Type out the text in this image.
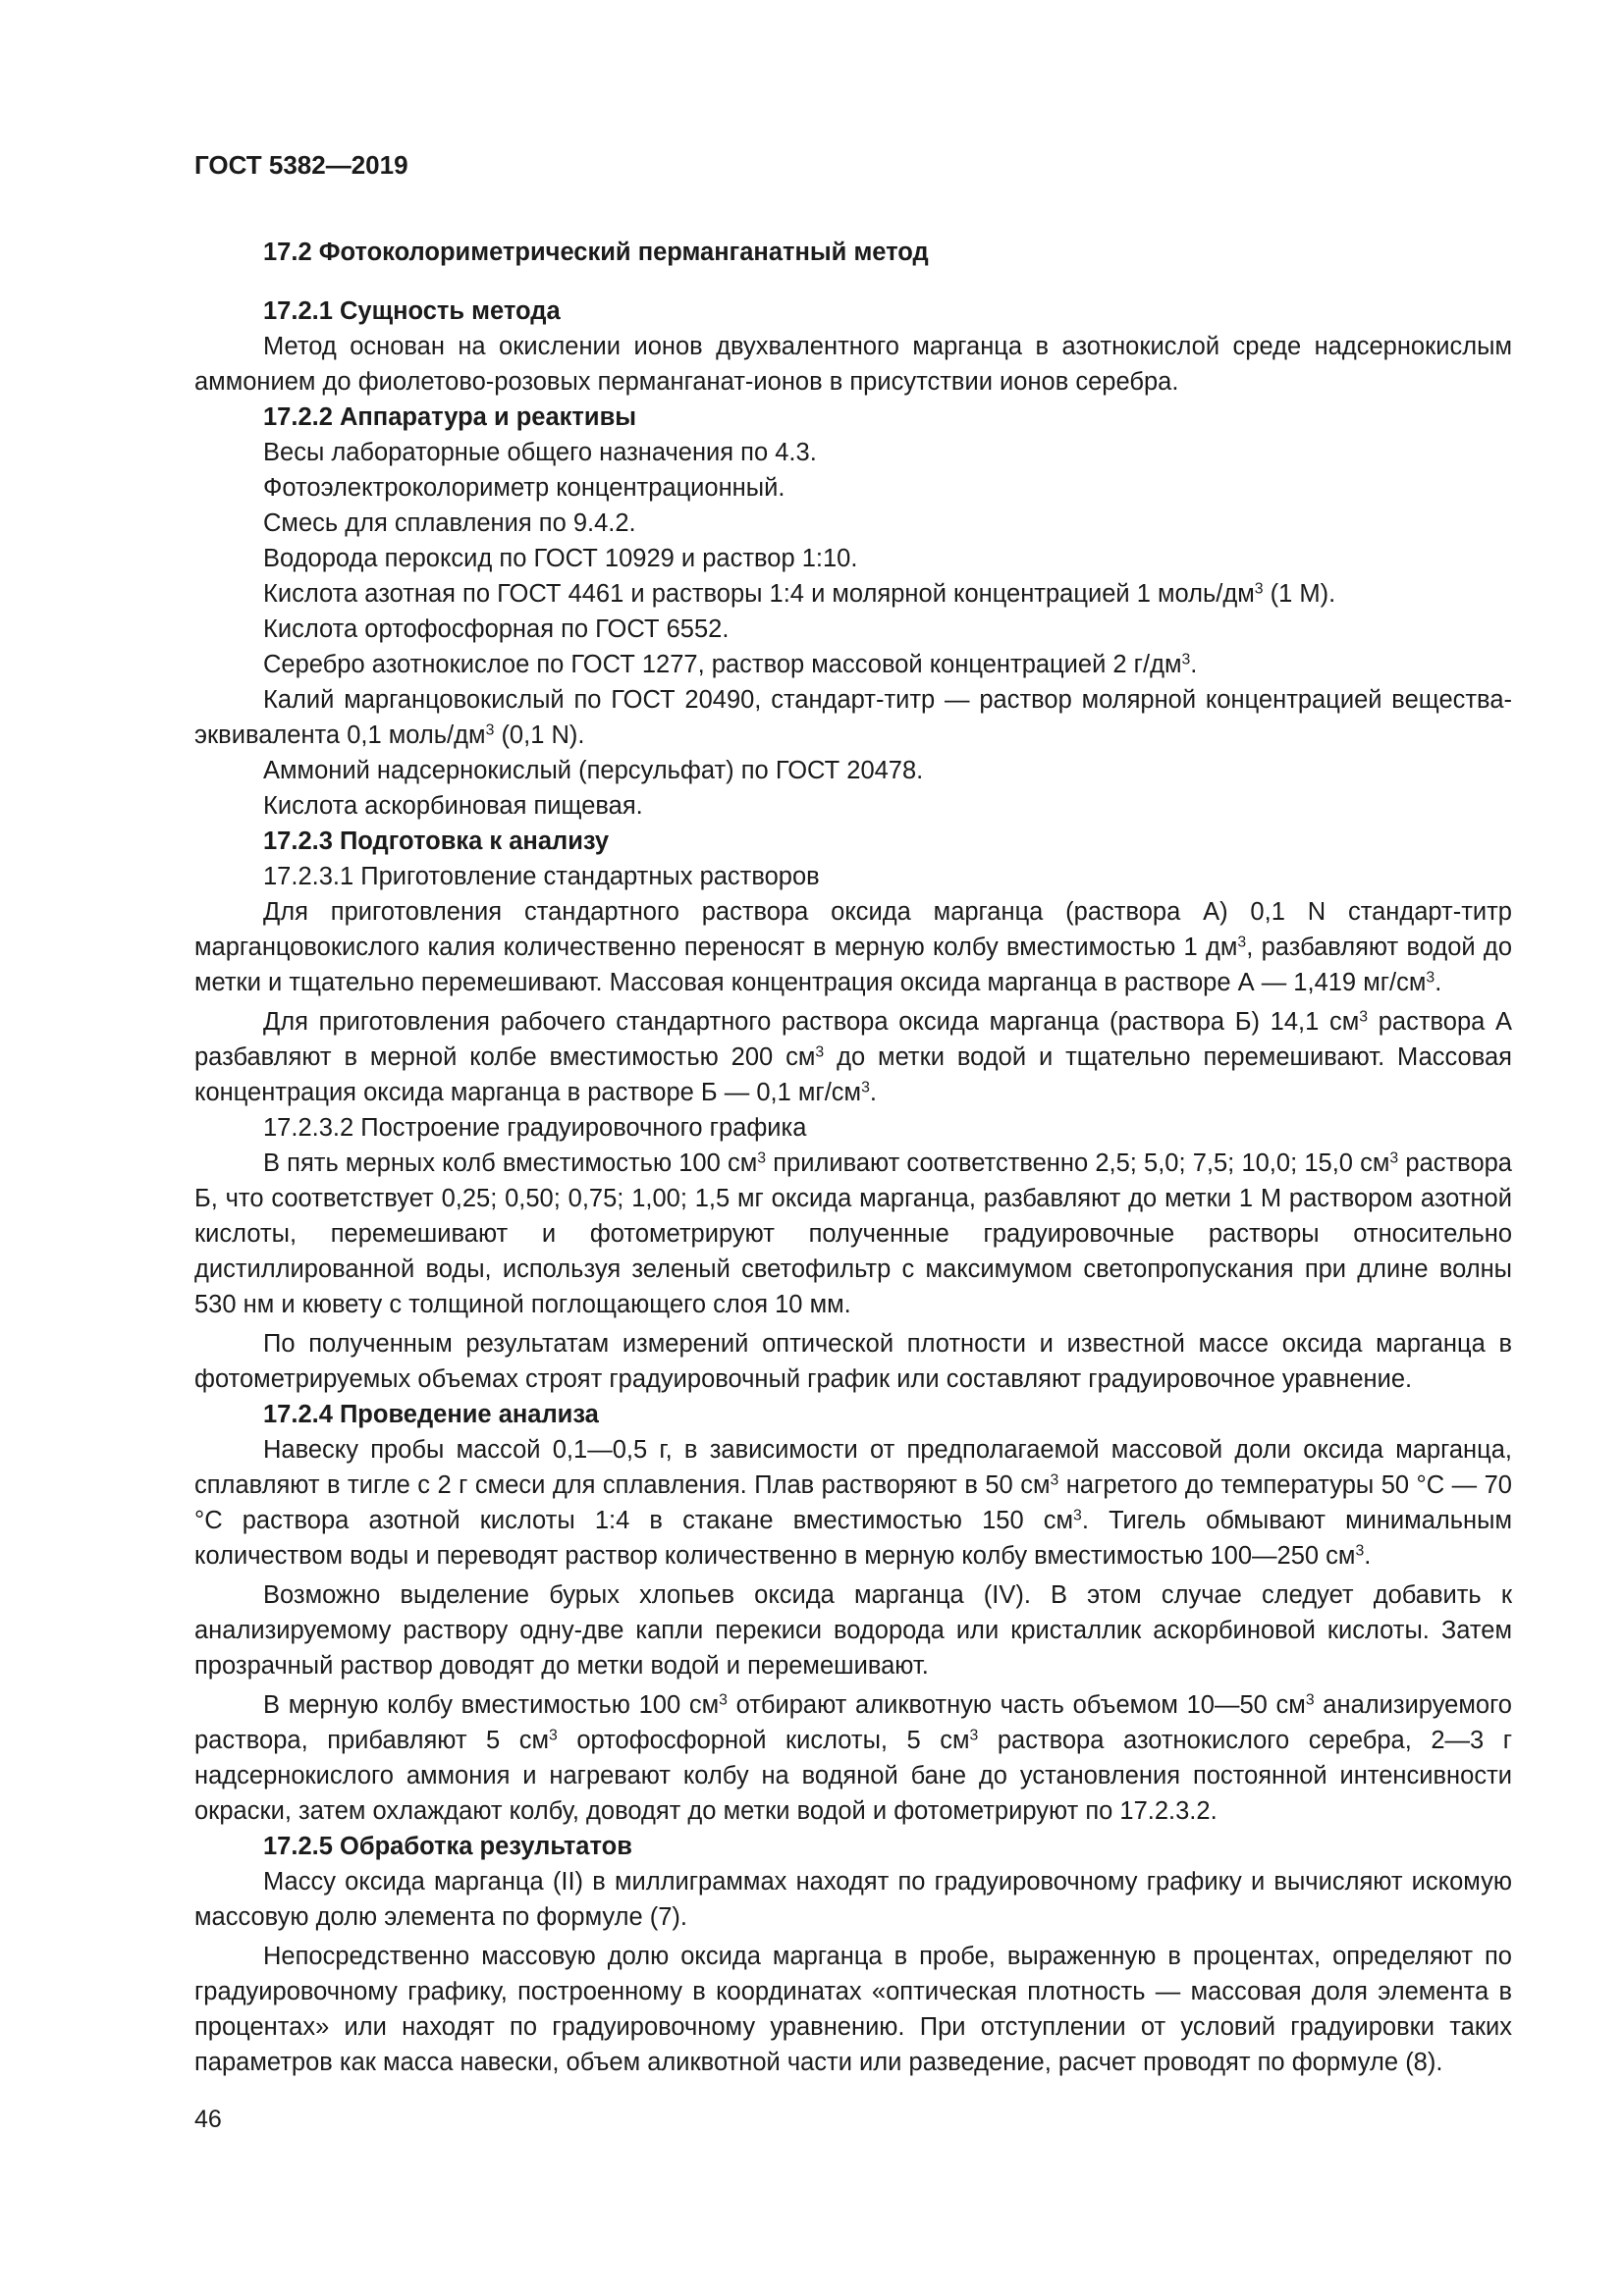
ГОСТ 5382—2019
17.2 Фотоколориметрический перманганатный метод
17.2.1 Сущность метода

Метод основан на окислении ионов двухвалентного марганца в азотнокислой среде надсернокислым аммонием до фиолетово-розовых перманганат-ионов в присутствии ионов серебра.

17.2.2 Аппаратура и реактивы
Весы лабораторные общего назначения по 4.3.
Фотоэлектроколориметр концентрационный.
Смесь для сплавления по 9.4.2.
Водорода пероксид по ГОСТ 10929 и раствор 1:10.
Кислота азотная по ГОСТ 4461 и растворы 1:4 и молярной концентрацией 1 моль/$дм^3$ (1 М).
Кислота ортофосфорная по ГОСТ 6552.
Серебро азотнокислое по ГОСТ 1277, раствор массовой концентрацией 2 $г/дм^3$.

Калий марганцовокислый по ГОСТ 20490, стандарт-титр — раствор молярной концентрацией вещества-эквивалента 0,1 моль/$дм^3$ (0,1 N).

Аммоний надсернокислый (персульфат) по ГОСТ 20478.
Кислота аскорбиновая пищевая.
17.2.3 Подготовка к анализу
17.2.3.1 Приготовление стандартных растворов

Для приготовления стандартного раствора оксида марганца (раствора А) 0,1 N стандарт-титр марганцовокислого калия количественно переносят в мерную колбу вместимостью 1 $дм^3$, разбавляют водой до метки и тщательно перемешивают. Массовая концентрация оксида марганца в растворе А — 1,419 $мг/см^3$.

Для приготовления рабочего стандартного раствора оксида марганца (раствора Б) 14,1 $см^3$ раствора А разбавляют в мерной колбе вместимостью 200 $см^3$ до метки водой и тщательно перемешивают. Массовая концентрация оксида марганца в растворе Б — 0,1 $мг/см^3$.

17.2.3.2 Построение градуировочного графика

В пять мерных колб вместимостью 100 $см^3$ приливают соответственно 2,5; 5,0; 7,5; 10,0; 15,0 $см^3$ раствора Б, что соответствует 0,25; 0,50; 0,75; 1,00; 1,5 мг оксида марганца, разбавляют до метки 1 М раствором азотной кислоты, перемешивают и фотометрируют полученные градуировочные растворы относительно дистиллированной воды, используя зеленый светофильтр с максимумом светопропускания при длине волны 530 нм и кювету с толщиной поглощающего слоя 10 мм.

По полученным результатам измерений оптической плотности и известной массе оксида марганца в фотометрируемых объемах строят градуировочный график или составляют градуировочное уравнение.

17.2.4 Проведение анализа

Навеску пробы массой 0,1—0,5 г, в зависимости от предполагаемой массовой доли оксида марганца, сплавляют в тигле с 2 г смеси для сплавления. Плав растворяют в 50 $см^3$ нагретого до температуры 50 °C — 70 °C раствора азотной кислоты 1:4 в стакане вместимостью 150 $см^3$. Тигель обмывают минимальным количеством воды и переводят раствор количественно в мерную колбу вместимостью 100—250 $см^3$.

Возможно выделение бурых хлопьев оксида марганца (IV). В этом случае следует добавить к анализируемому раствору одну-две капли перекиси водорода или кристаллик аскорбиновой кислоты. Затем прозрачный раствор доводят до метки водой и перемешивают.

В мерную колбу вместимостью 100 $см^3$ отбирают аликвотную часть объемом 10—50 $см^3$ анализируемого раствора, прибавляют 5 $см^3$ ортофосфорной кислоты, 5 $см^3$ раствора азотнокислого серебра, 2—3 г надсернокислого аммония и нагревают колбу на водяной бане до установления постоянной интенсивности окраски, затем охлаждают колбу, доводят до метки водой и фотометрируют по 17.2.3.2.

17.2.5 Обработка результатов

Массу оксида марганца (II) в миллиграммах находят по градуировочному графику и вычисляют искомую массовую долю элемента по формуле (7).

Непосредственно массовую долю оксида марганца в пробе, выраженную в процентах, определяют по градуировочному графику, построенному в координатах «оптическая плотность — массовая доля элемента в процентах» или находят по градуировочному уравнению. При отступлении от условий градуировки таких параметров как масса навески, объем аликвотной части или разведение, расчет проводят по формуле (8).

46
